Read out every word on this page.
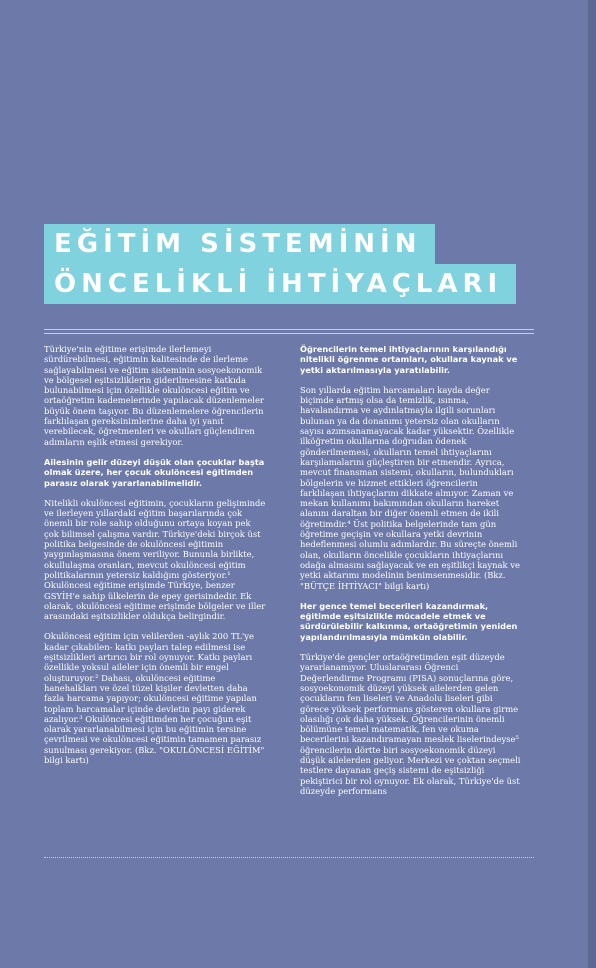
EĞİTİM SİSTEMİNİN
ÖNCELİKLİ İHTİYAÇLARI

Türkiye'nin eğitime erişimde ilerlemeyi sürdürebilmesi, eğitimin kalitesinde de ilerleme sağlayabilmesi ve eğitim sisteminin sosyoekonomik ve bölgesel eşitsizliklerin giderilmesine katkıda bulunabilmesi için özellikle okulöncesi eğitim ve ortaöğretim kademelerinde yapılacak düzenlemeler büyük önem taşıyor. Bu düzenlemelere öğrencilerin farklılaşan gereksinimlerine daha iyi yanıt verebilecek, öğretmenleri ve okulları güçlendiren adımların eşlik etmesi gerekiyor.

Ailesinin gelir düzeyi düşük olan çocuklar başta olmak üzere, her çocuk okulöncesi eğitimden parasız olarak yararlanabilmelidir.

Nitelikli okulöncesi eğitimin, çocukların gelişiminde ve ilerleyen yıllardaki eğitim başarılarında çok önemli bir role sahip olduğunu ortaya koyan pek çok bilimsel çalışma vardır. Türkiye'deki birçok üst politika belgesinde de okulöncesi eğitimin yaygınlaşmasına önem veriliyor. Bununla birlikte, okullulaşma oranları, mevcut okulöncesi eğitim politikalarının yetersiz kaldığını gösteriyor.¹ Okulöncesi eğitime erişimde Türkiye, benzer GSYİH'e sahip ülkelerin de epey gerisindedir. Ek olarak, okulöncesi eğitime erişimde bölgeler ve iller arasındaki eşitsizlikler oldukça belirgindir.

Okulöncesi eğitim için velilerden -aylık 200 TL'ye kadar çıkabilen- katkı payları talep edilmesi ise eşitsizlikleri artırıcı bir rol oynuyor. Katkı payları özellikle yoksul aileler için önemli bir engel oluşturuyor.² Dahası, okulöncesi eğitime hanehalkları ve özel tüzel kişiler devletten daha fazla harcama yapıyor; okulöncesi eğitime yapılan toplam harcamalar içinde devletin payı giderek azalıyor.³ Okulöncesi eğitimden her çocuğun eşit olarak yararlanabilmesi için bu eğitimin tersine çevrilmesi ve okulöncesi eğitimin tamamen parasız sunulması gerekiyor. (Bkz. "OKULÖNCESİ EĞİTİM" bilgi kartı)

Öğrencilerin temel ihtiyaçlarının karşılandığı nitelikli öğrenme ortamları, okullara kaynak ve yetki aktarılmasıyla yaratılabilir.

Son yıllarda eğitim harcamaları kayda değer biçimde artmış olsa da temizlik, ısınma, havalandırma ve aydınlatmayla ilgili sorunları bulunan ya da donanımı yetersiz olan okulların sayısı azımsanamayacak kadar yüksektir. Özellikle ilköğretim okullarına doğrudan ödenek gönderilmemesi, okulların temel ihtiyaçlarını karşılamalarını güçleştiren bir etmendir. Ayrıca, mevcut finansman sistemi, okulların, bulundukları bölgelerin ve hizmet ettikleri öğrencilerin farklılaşan ihtiyaçlarını dikkate almıyor. Zaman ve mekan kullanımı bakımından okulların hareket alanını daraltan bir diğer önemli etmen de ikili öğretimdir.⁴ Üst politika belgelerinde tam gün öğretime geçişin ve okullara yetki devrinin hedeflenmesi olumlu adımlardır. Bu süreçte önemli olan, okulların öncelikle çocukların ihtiyaçlarını odağa almasını sağlayacak ve en eşitlikçi kaynak ve yetki aktarımı modelinin benimsenmesidir. (Bkz. "BÜTÇE İHTİYACI" bilgi kartı)

Her gence temel becerileri kazandırmak, eğitimde eşitsizlikle mücadele etmek ve sürdürülebilir kalkınma, ortaöğretimin yeniden yapılandırılmasıyla mümkün olabilir.

Türkiye'de gençler ortaöğretimden eşit düzeyde yararlanamıyor. Uluslararası Öğrenci Değerlendirme Programı (PISA) sonuçlarına göre, sosyoekonomik düzeyi yüksek ailelerden gelen çocukların fen liseleri ve Anadolu liseleri gibi görece yüksek performans gösteren okullara girme olasılığı çok daha yüksek. Öğrencilerinin önemli bölümüne temel matematik, fen ve okuma becerilerini kazandıramayan meslek liselerindeyse⁵ öğrencilerin dörtte biri sosyoekonomik düzeyi düşük ailelerden geliyor. Merkezi ve çoktan seçmeli testlere dayanan geçiş sistemi de eşitsizliği pekiştirici bir rol oynuyor. Ek olarak, Türkiye'de üst düzeyde performans
